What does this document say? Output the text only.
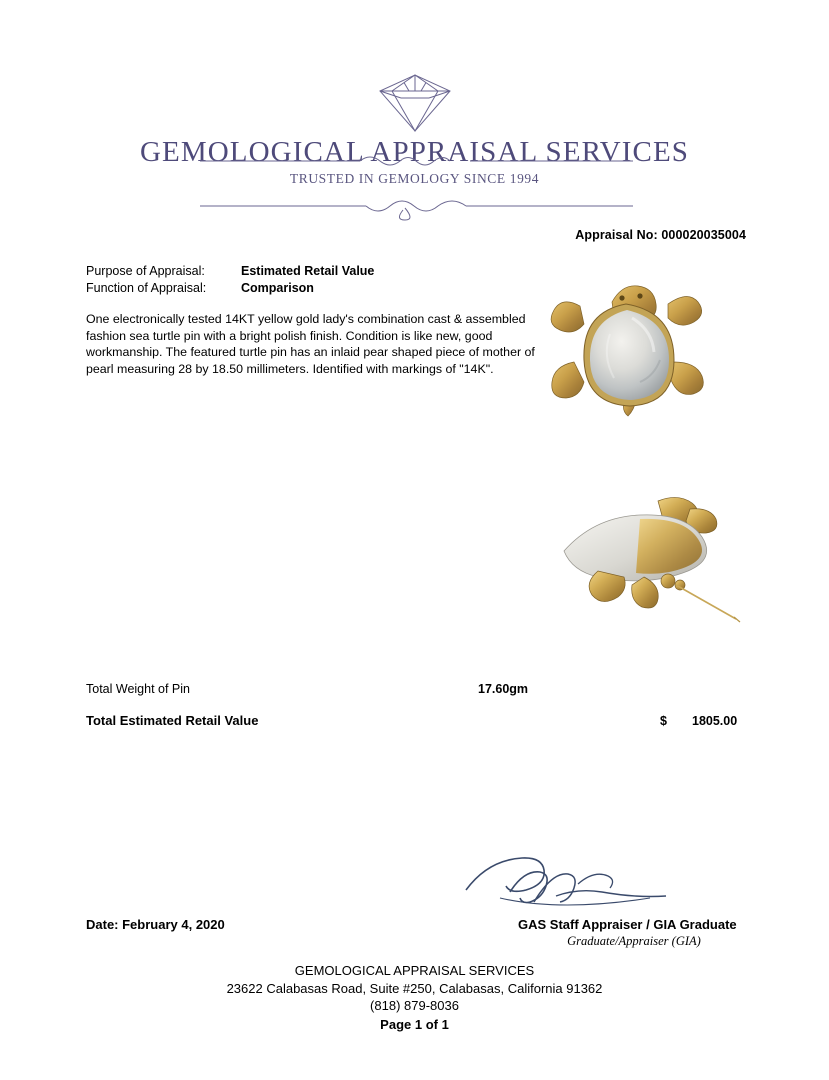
GEMOLOGICAL APPRAISAL SERVICES
TRUSTED IN GEMOLOGY SINCE 1994
Appraisal No: 000020035004
Purpose of Appraisal:	Estimated Retail Value
Function of Appraisal:	Comparison
One electronically tested 14KT yellow gold lady's combination cast & assembled fashion sea turtle pin with a bright polish finish. Condition is like new, good workmanship. The featured turtle pin has an inlaid pear shaped piece of mother of pearl measuring 28 by 18.50 millimeters. Identified with markings of "14K".
Total Weight of Pin	17.60gm
Total Estimated Retail Value	$ 1805.00
Date: February 4, 2020	GAS Staff Appraiser / GIA Graduate
Graduate/Appraiser (GIA)
GEMOLOGICAL APPRAISAL SERVICES
23622 Calabasas Road, Suite #250, Calabasas, California 91362
(818) 879-8036
Page 1 of 1
